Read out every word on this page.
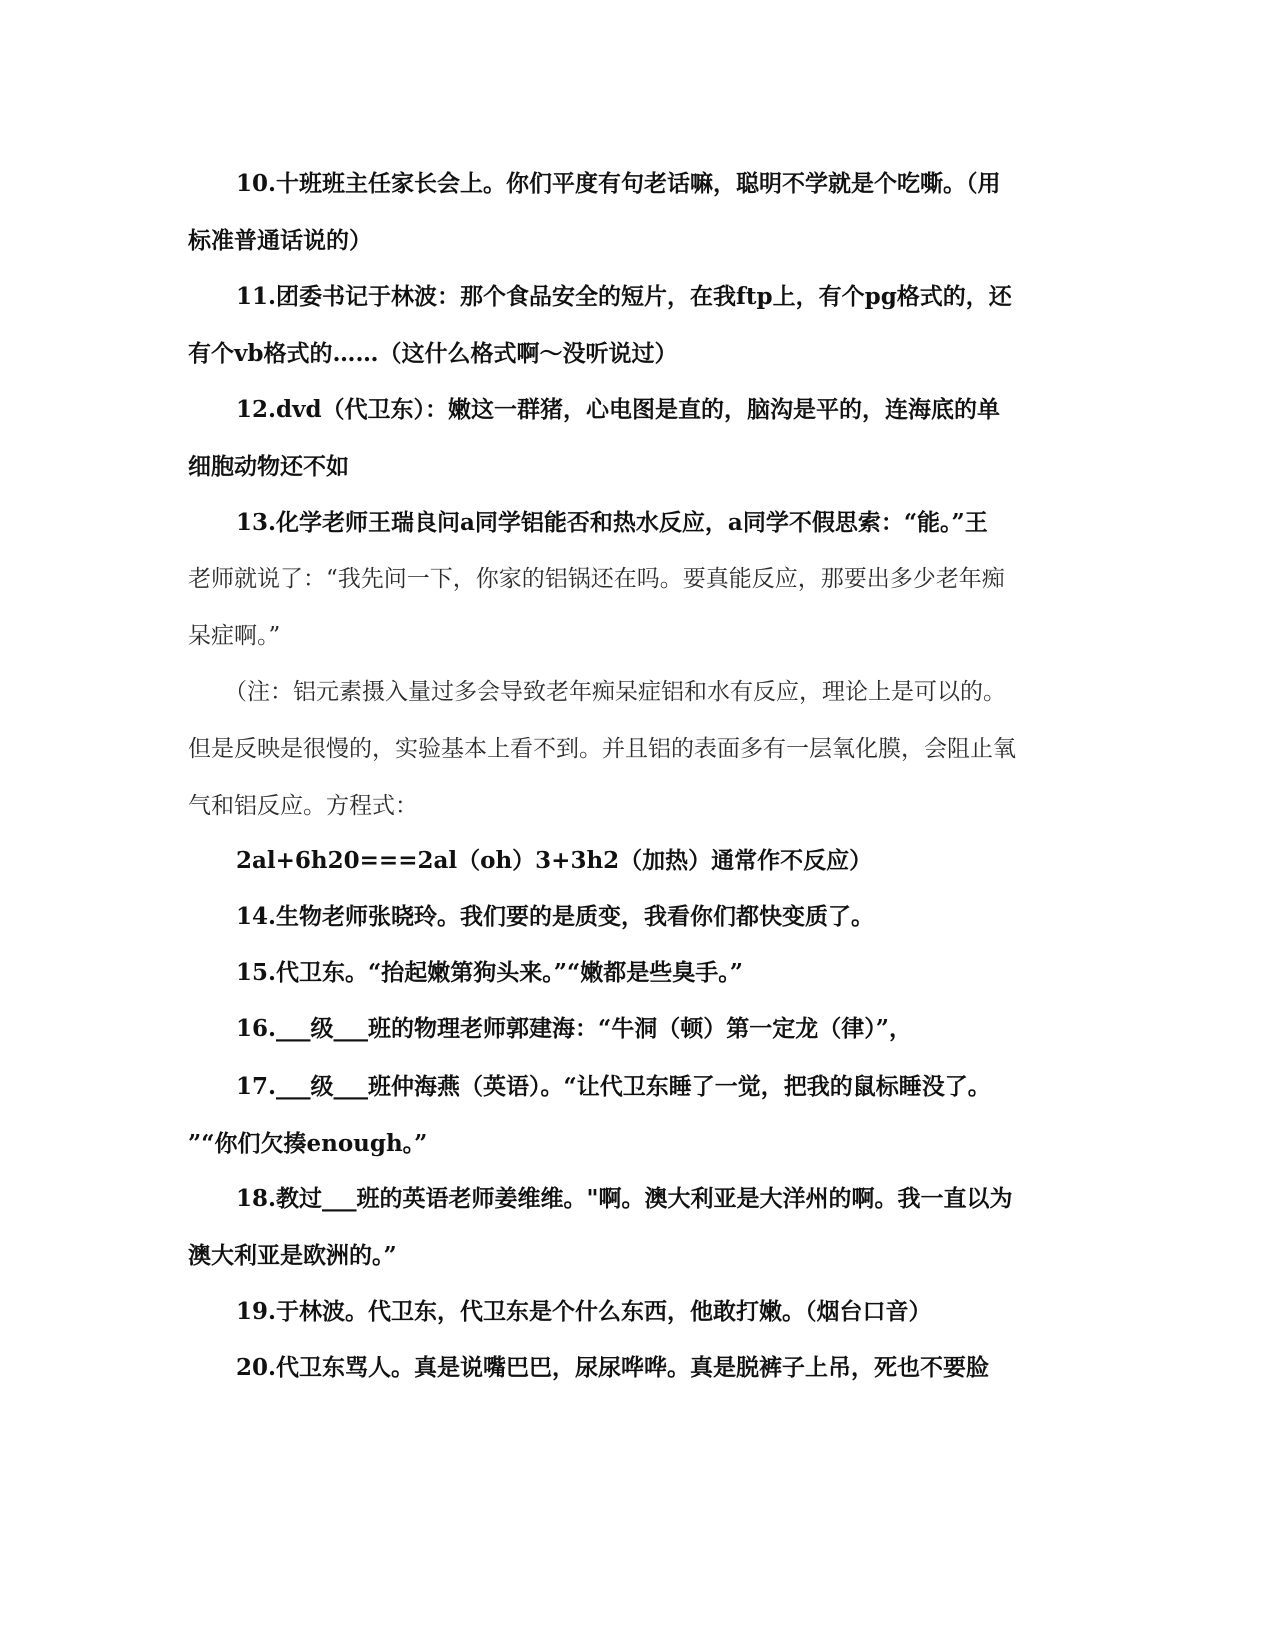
10.十班班主任家长会上。你们平度有句老话嘛，聪明不学就是个吃嘶。（用
标准普通话说的）
11.团委书记于林波：那个食品安全的短片，在我ftp上，有个pg格式的，还
有个vb格式的……（这什么格式啊～没听说过）
12.dvd（代卫东）：嫩这一群猪，心电图是直的，脑沟是平的，连海底的单
细胞动物还不如
13.化学老师王瑞良问a同学铝能否和热水反应，a同学不假思索：“能。”王
老师就说了：“我先问一下，你家的铝锅还在吗。要真能反应，那要出多少老年痴
呆症啊。”
（注：铝元素摄入量过多会导致老年痴呆症铝和水有反应，理论上是可以的。
但是反映是很慢的，实验基本上看不到。并且铝的表面多有一层氧化膜，会阻止氧
气和铝反应。方程式：
2al+6h20===2al（oh）3+3h2（加热）通常作不反应）
14.生物老师张晓玲。我们要的是质变，我看你们都快变质了。
15.代卫东。“抬起嫩第狗头来。”“嫩都是些臭手。”
16.___级___班的物理老师郭建海：“牛洞（顿）第一定龙（律）”，
17.___级___班仲海燕（英语）。“让代卫东睡了一觉，把我的鼠标睡没了。
”“你们欠揍enough。”
18.教过___班的英语老师姜维维。"啊。澳大利亚是大洋州的啊。我一直以为
澳大利亚是欧洲的。”
19.于林波。代卫东，代卫东是个什么东西，他敢打嫩。（烟台口音）
20.代卫东骂人。真是说嘴巴巴，尿尿哗哗。真是脱裤子上吊，死也不要脸
